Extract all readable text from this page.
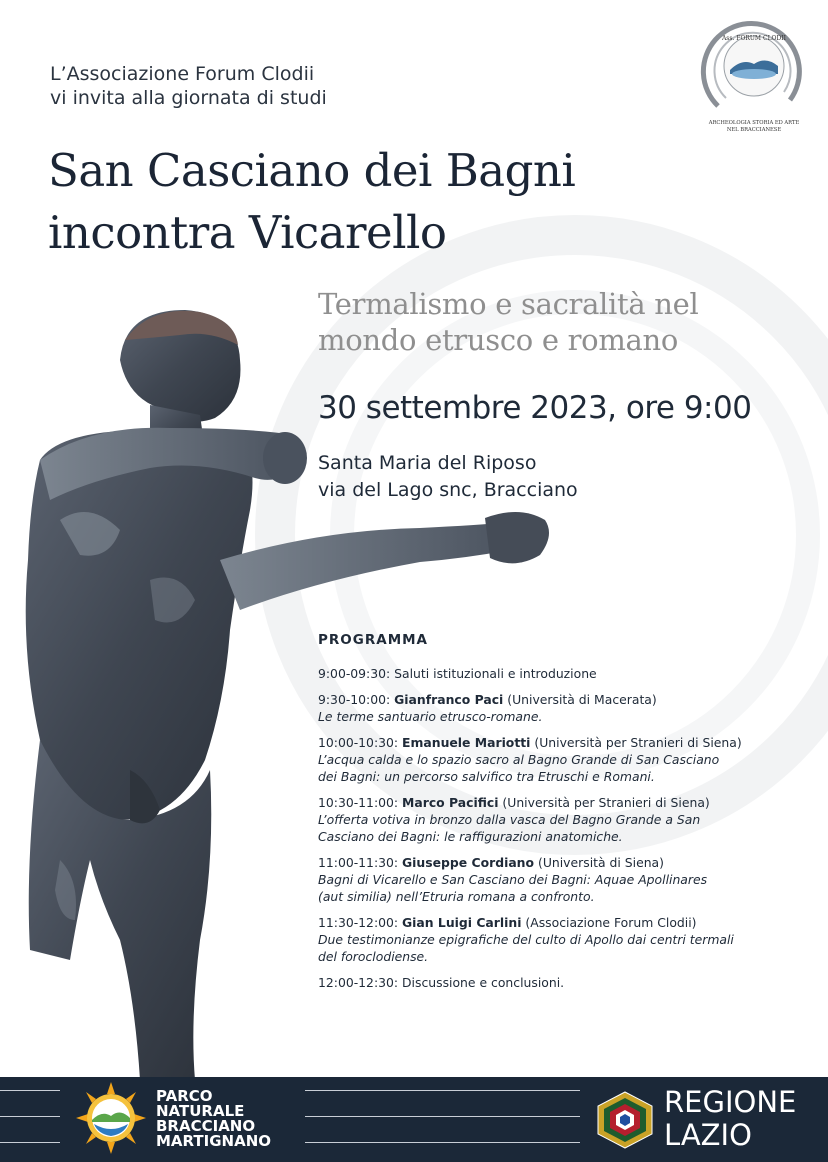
L’Associazione Forum Clodii
vi invita alla giornata di studi
Ass. FORUM CLODII
ARCHEOLOGIA STORIA ED ARTE
NEL BRACCIANESE
San Casciano dei Bagni
incontra Vicarello
Termalismo e sacralità nel
mondo etrusco e romano
30 settembre 2023, ore 9:00
Santa Maria del Riposo
via del Lago snc, Bracciano
PROGRAMMA
9:00-09:30: Saluti istituzionali e introduzione
9:30-10:00: Gianfranco Paci (Università di Macerata)
Le terme santuario etrusco-romane.
10:00-10:30: Emanuele Mariotti (Università per Stranieri di Siena)
L’acqua calda e lo spazio sacro al Bagno Grande di San Casciano
dei Bagni: un percorso salvifico tra Etruschi e Romani.
10:30-11:00: Marco Pacifici (Università per Stranieri di Siena)
L’offerta votiva in bronzo dalla vasca del Bagno Grande a San
Casciano dei Bagni: le raffigurazioni anatomiche.
11:00-11:30: Giuseppe Cordiano (Università di Siena)
Bagni di Vicarello e San Casciano dei Bagni: Aquae Apollinares
(aut similia) nell’Etruria romana a confronto.
11:30-12:00: Gian Luigi Carlini (Associazione Forum Clodii)
Due testimonianze epigrafiche del culto di Apollo dai centri termali
del foroclodiense.
12:00-12:30: Discussione e conclusioni.
PARCO
NATURALE
BRACCIANO
MARTIGNANO
REGIONE
LAZIO
